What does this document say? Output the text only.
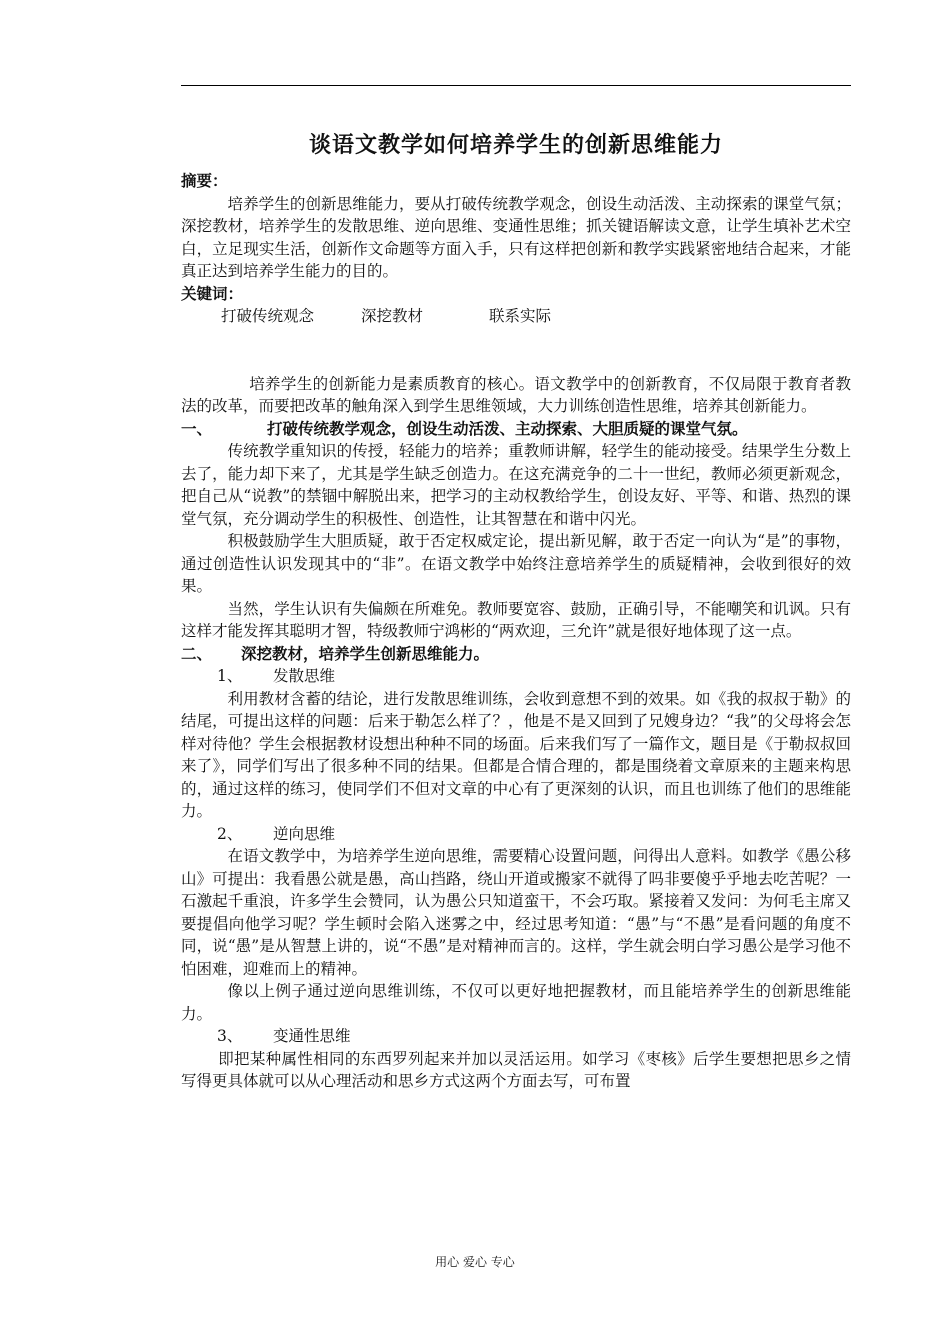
谈语文教学如何培养学生的创新思维能力
摘要：

培养学生的创新思维能力，要从打破传统教学观念，创设生动活泼、主动探索的课堂气氛；深挖教材，培养学生的发散思维、逆向思维、变通性思维；抓关键语解读文意，让学生填补艺术空白，立足现实生活，创新作文命题等方面入手，只有这样把创新和教学实践紧密地结合起来，才能真正达到培养学生能力的目的。

关键词：
打破传统观念	深挖教材	联系实际

培养学生的创新能力是素质教育的核心。语文教学中的创新教育，不仅局限于教育者教法的改革，而要把改革的触角深入到学生思维领域，大力训练创造性思维，培养其创新能力。

一、	打破传统教学观念，创设生动活泼、主动探索、大胆质疑的课堂气氛。

传统教学重知识的传授，轻能力的培养；重教师讲解，轻学生的能动接受。结果学生分数上去了，能力却下来了，尤其是学生缺乏创造力。在这充满竞争的二十一世纪，教师必须更新观念，把自己从“说教”的禁锢中解脱出来，把学习的主动权教给学生，创设友好、平等、和谐、热烈的课堂气氛，充分调动学生的积极性、创造性，让其智慧在和谐中闪光。

积极鼓励学生大胆质疑，敢于否定权威定论，提出新见解，敢于否定一向认为“是”的事物，通过创造性认识发现其中的“非”。在语文教学中始终注意培养学生的质疑精神，会收到很好的效果。

当然，学生认识有失偏颇在所难免。教师要宽容、鼓励，正确引导，不能嘲笑和讥讽。只有这样才能发挥其聪明才智，特级教师宁鸿彬的“两欢迎，三允许”就是很好地体现了这一点。

二、 深挖教材，培养学生创新思维能力。
1、 发散思维

利用教材含蓄的结论，进行发散思维训练，会收到意想不到的效果。如《我的叔叔于勒》的结尾，可提出这样的问题：后来于勒怎么样了？，他是不是又回到了兄嫂身边？“我”的父母将会怎样对待他？学生会根据教材设想出种种不同的场面。后来我们写了一篇作文，题目是《于勒叔叔回来了》，同学们写出了很多种不同的结果。但都是合情合理的，都是围绕着文章原来的主题来构思的，通过这样的练习，使同学们不但对文章的中心有了更深刻的认识，而且也训练了他们的思维能力。

2、 逆向思维

在语文教学中，为培养学生逆向思维，需要精心设置问题，问得出人意料。如教学《愚公移山》可提出：我看愚公就是愚，高山挡路，绕山开道或搬家不就得了吗非要傻乎乎地去吃苦呢？一石激起千重浪，许多学生会赞同，认为愚公只知道蛮干，不会巧取。紧接着又发问：为何毛主席又要提倡向他学习呢？学生顿时会陷入迷雾之中，经过思考知道：“愚”与“不愚”是看问题的角度不同，说“愚”是从智慧上讲的，说“不愚”是对精神而言的。这样，学生就会明白学习愚公是学习他不怕困难，迎难而上的精神。

像以上例子通过逆向思维训练，不仅可以更好地把握教材，而且能培养学生的创新思维能力。

3、 变通性思维

即把某种属性相同的东西罗列起来并加以灵活运用。如学习《枣核》后学生要想把思乡之情写得更具体就可以从心理活动和思乡方式这两个方面去写，可布置

用心 爱心 专心
